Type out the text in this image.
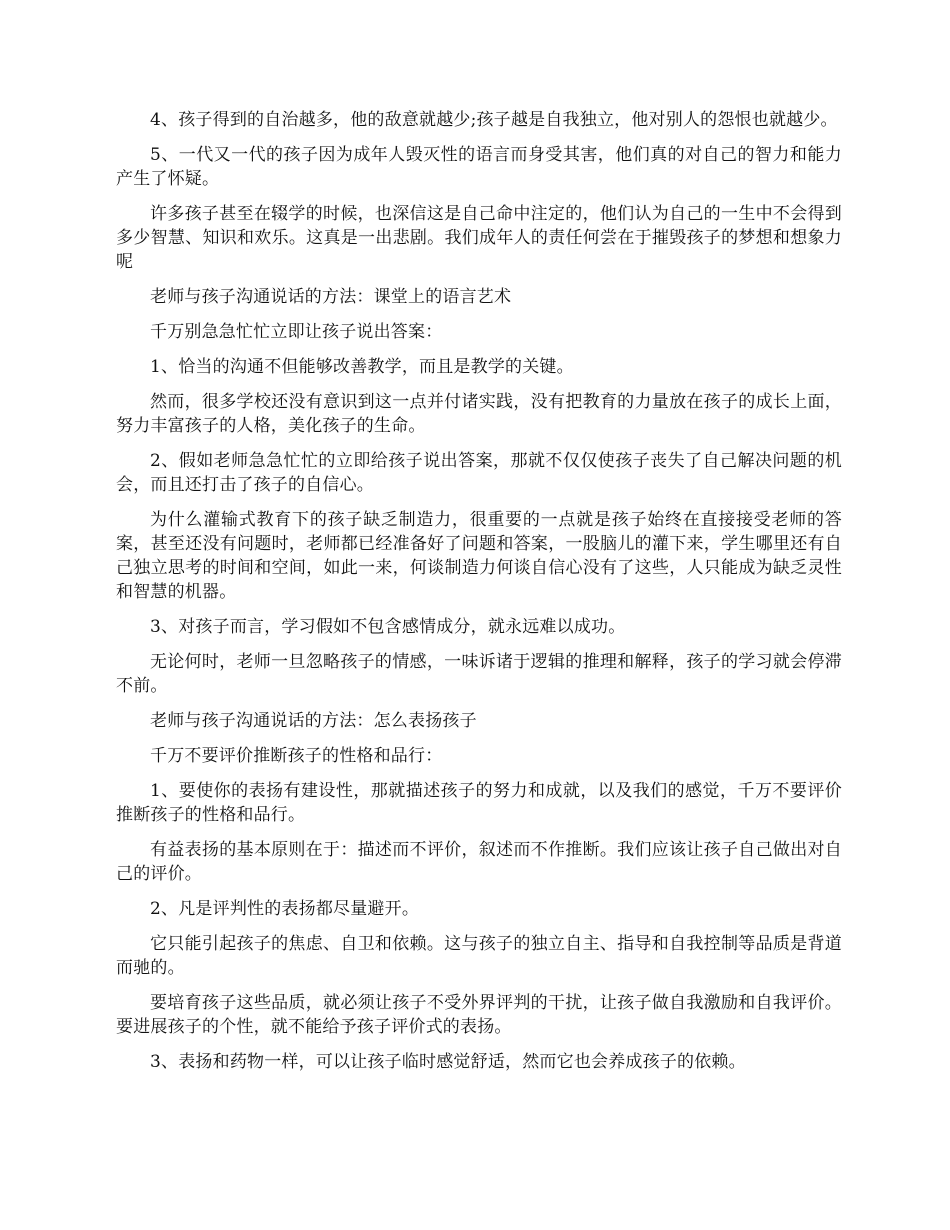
4、孩子得到的自治越多，他的敌意就越少;孩子越是自我独立，他对别人的怨恨也就越少。

5、一代又一代的孩子因为成年人毁灭性的语言而身受其害，他们真的对自己的智力和能力产生了怀疑。

许多孩子甚至在辍学的时候，也深信这是自己命中注定的，他们认为自己的一生中不会得到多少智慧、知识和欢乐。这真是一出悲剧。我们成年人的责任何尝在于摧毁孩子的梦想和想象力呢

老师与孩子沟通说话的方法：课堂上的语言艺术

千万别急急忙忙立即让孩子说出答案：

1、恰当的沟通不但能够改善教学，而且是教学的关键。

然而，很多学校还没有意识到这一点并付诸实践，没有把教育的力量放在孩子的成长上面，努力丰富孩子的人格，美化孩子的生命。

2、假如老师急急忙忙的立即给孩子说出答案，那就不仅仅使孩子丧失了自己解决问题的机会，而且还打击了孩子的自信心。

为什么灌输式教育下的孩子缺乏制造力，很重要的一点就是孩子始终在直接接受老师的答案，甚至还没有问题时，老师都已经准备好了问题和答案，一股脑儿的灌下来，学生哪里还有自己独立思考的时间和空间，如此一来，何谈制造力何谈自信心没有了这些，人只能成为缺乏灵性和智慧的机器。

3、对孩子而言，学习假如不包含感情成分，就永远难以成功。

无论何时，老师一旦忽略孩子的情感，一味诉诸于逻辑的推理和解释，孩子的学习就会停滞不前。

老师与孩子沟通说话的方法：怎么表扬孩子

千万不要评价推断孩子的性格和品行：

1、要使你的表扬有建设性，那就描述孩子的努力和成就，以及我们的感觉，千万不要评价推断孩子的性格和品行。

有益表扬的基本原则在于：描述而不评价，叙述而不作推断。我们应该让孩子自己做出对自己的评价。

2、凡是评判性的表扬都尽量避开。

它只能引起孩子的焦虑、自卫和依赖。这与孩子的独立自主、指导和自我控制等品质是背道而驰的。

要培育孩子这些品质，就必须让孩子不受外界评判的干扰，让孩子做自我激励和自我评价。要进展孩子的个性，就不能给予孩子评价式的表扬。

3、表扬和药物一样，可以让孩子临时感觉舒适，然而它也会养成孩子的依赖。
